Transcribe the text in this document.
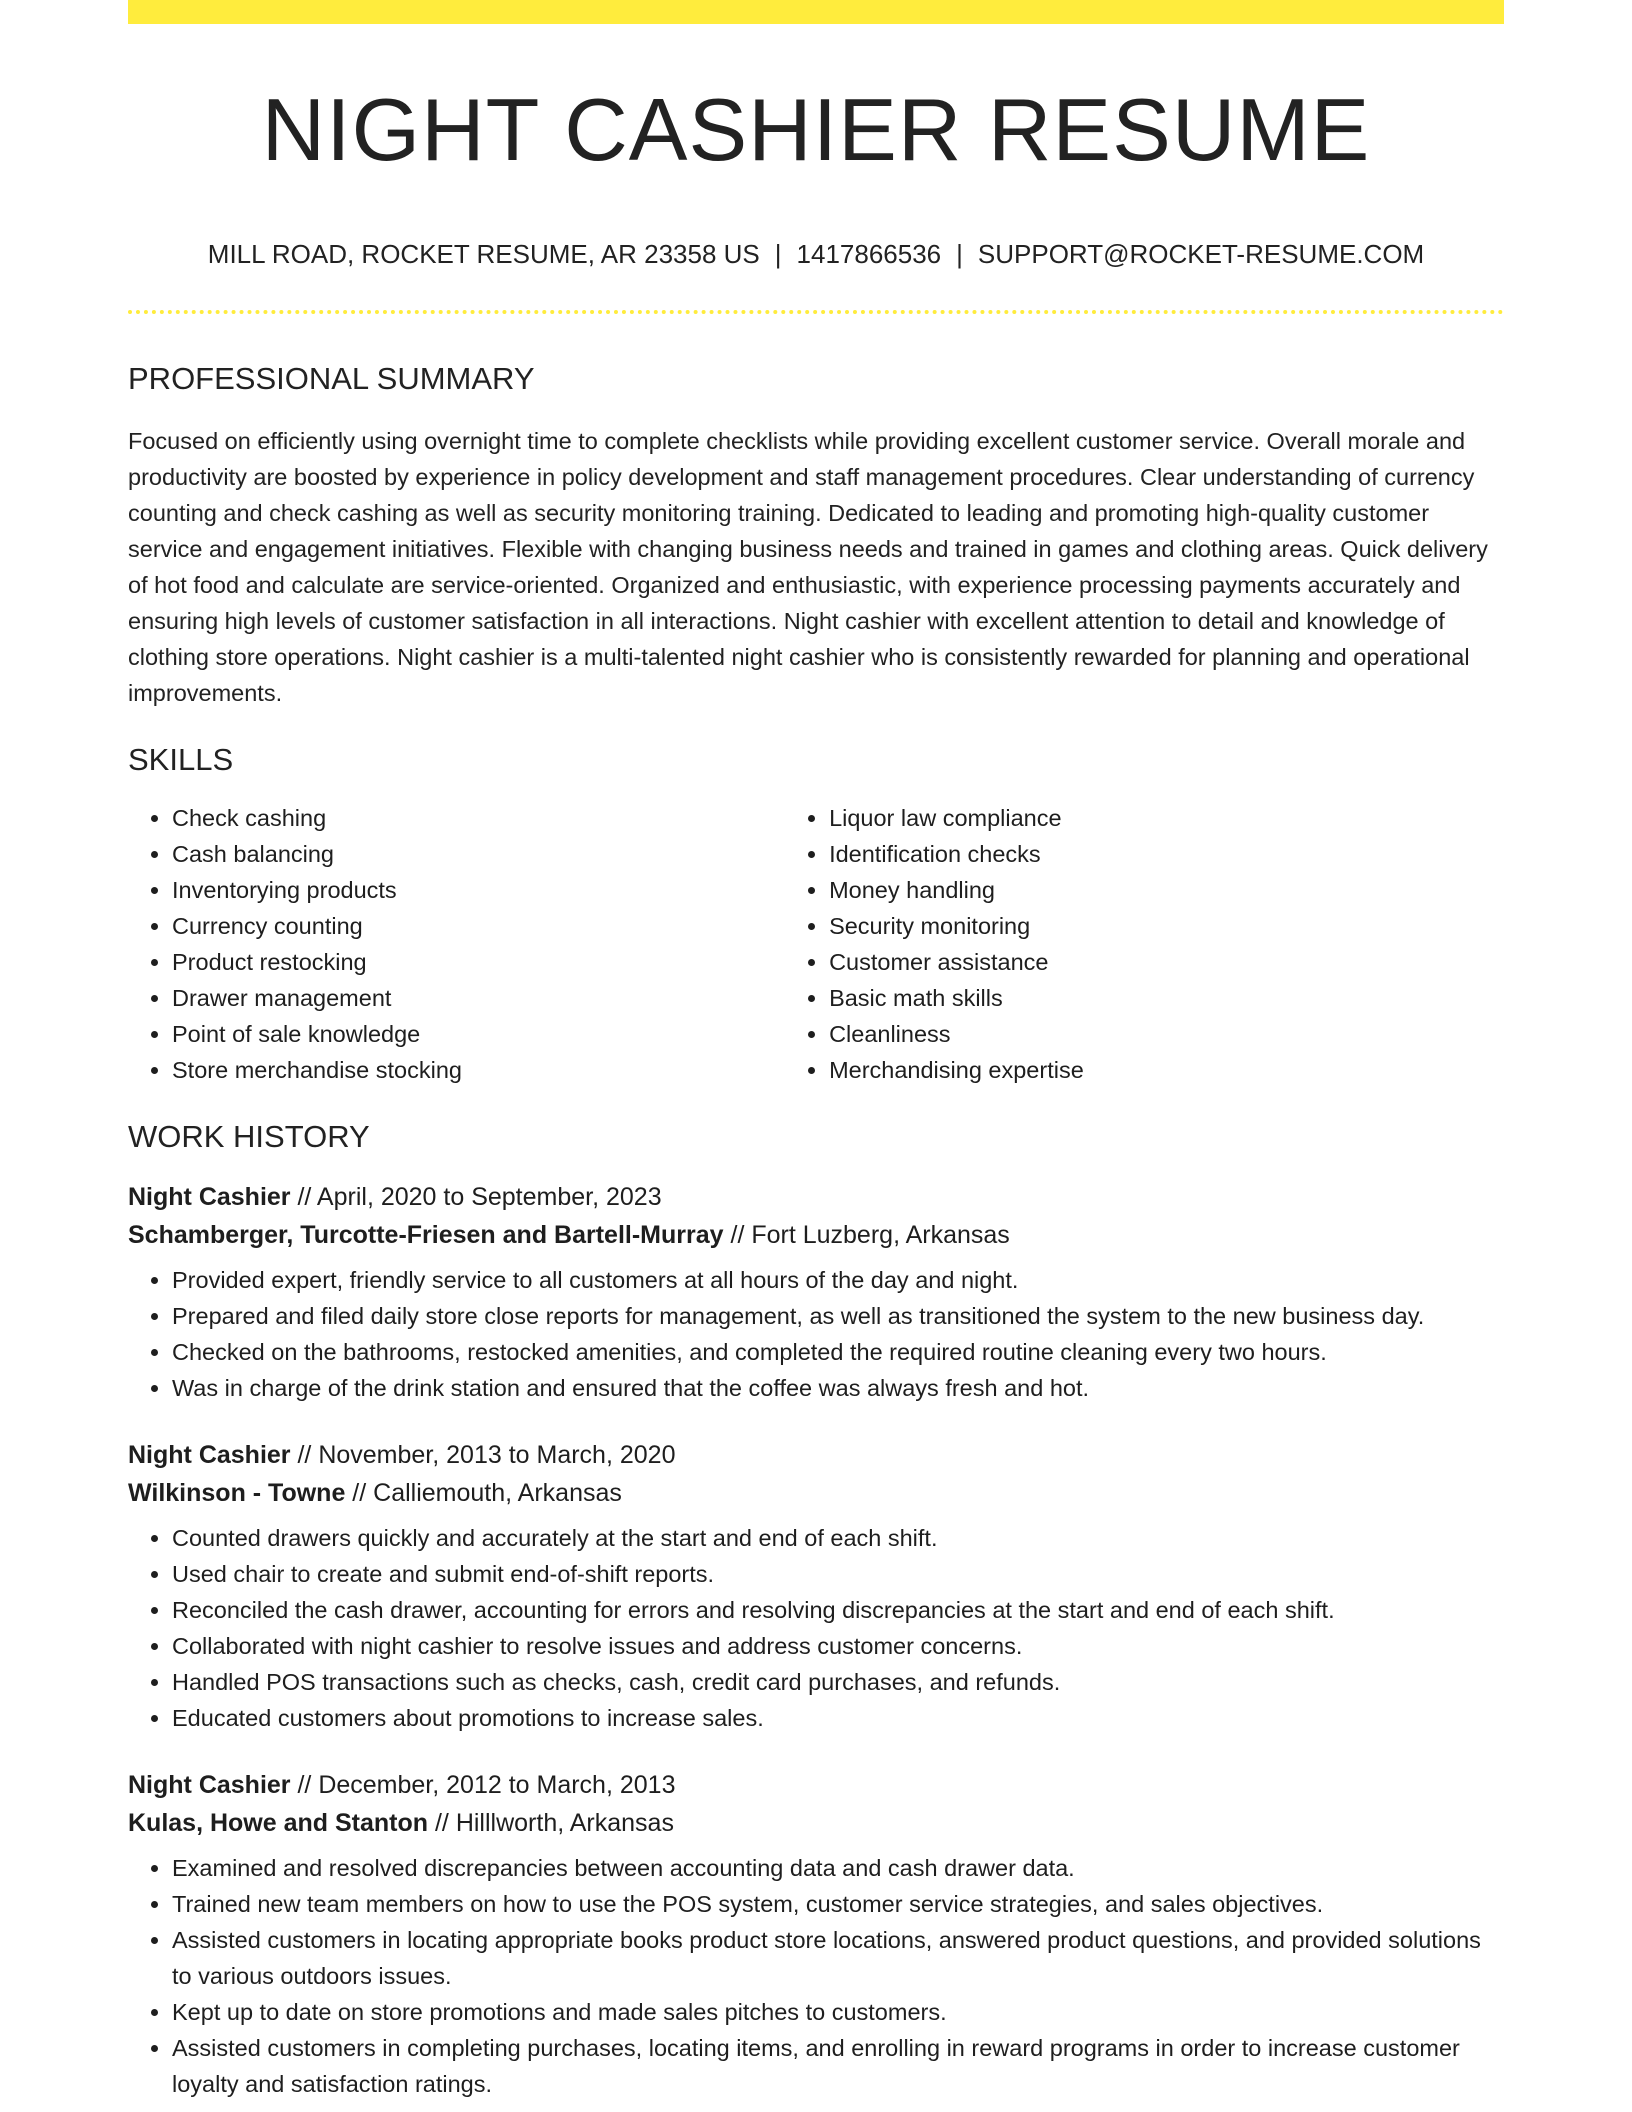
NIGHT CASHIER RESUME
MILL ROAD, ROCKET RESUME, AR 23358 US | 1417866536 | SUPPORT@ROCKET-RESUME.COM
PROFESSIONAL SUMMARY

Focused on efficiently using overnight time to complete checklists while providing excellent customer service. Overall morale and productivity are boosted by experience in policy development and staff management procedures. Clear understanding of currency counting and check cashing as well as security monitoring training. Dedicated to leading and promoting high-quality customer service and engagement initiatives. Flexible with changing business needs and trained in games and clothing areas. Quick delivery of hot food and calculate are service-oriented. Organized and enthusiastic, with experience processing payments accurately and ensuring high levels of customer satisfaction in all interactions. Night cashier with excellent attention to detail and knowledge of clothing store operations. Night cashier is a multi-talented night cashier who is consistently rewarded for planning and operational improvements.

SKILLS
• Check cashing
• Cash balancing
• Inventorying products
• Currency counting
• Product restocking
• Drawer management
• Point of sale knowledge
• Store merchandise stocking
• Liquor law compliance
• Identification checks
• Money handling
• Security monitoring
• Customer assistance
• Basic math skills
• Cleanliness
• Merchandising expertise
WORK HISTORY
Night Cashier // April, 2020 to September, 2023
Schamberger, Turcotte-Friesen and Bartell-Murray // Fort Luzberg, Arkansas
• Provided expert, friendly service to all customers at all hours of the day and night.
• Prepared and filed daily store close reports for management, as well as transitioned the system to the new business day.
• Checked on the bathrooms, restocked amenities, and completed the required routine cleaning every two hours.
• Was in charge of the drink station and ensured that the coffee was always fresh and hot.
Night Cashier // November, 2013 to March, 2020
Wilkinson - Towne // Calliemouth, Arkansas
• Counted drawers quickly and accurately at the start and end of each shift.
• Used chair to create and submit end-of-shift reports.
• Reconciled the cash drawer, accounting for errors and resolving discrepancies at the start and end of each shift.
• Collaborated with night cashier to resolve issues and address customer concerns.
• Handled POS transactions such as checks, cash, credit card purchases, and refunds.
• Educated customers about promotions to increase sales.
Night Cashier // December, 2012 to March, 2013
Kulas, Howe and Stanton // Hilllworth, Arkansas
• Examined and resolved discrepancies between accounting data and cash drawer data.
• Trained new team members on how to use the POS system, customer service strategies, and sales objectives.
• Assisted customers in locating appropriate books product store locations, answered product questions, and provided solutions to various outdoors issues.
• Kept up to date on store promotions and made sales pitches to customers.
• Assisted customers in completing purchases, locating items, and enrolling in reward programs in order to increase customer loyalty and satisfaction ratings.
